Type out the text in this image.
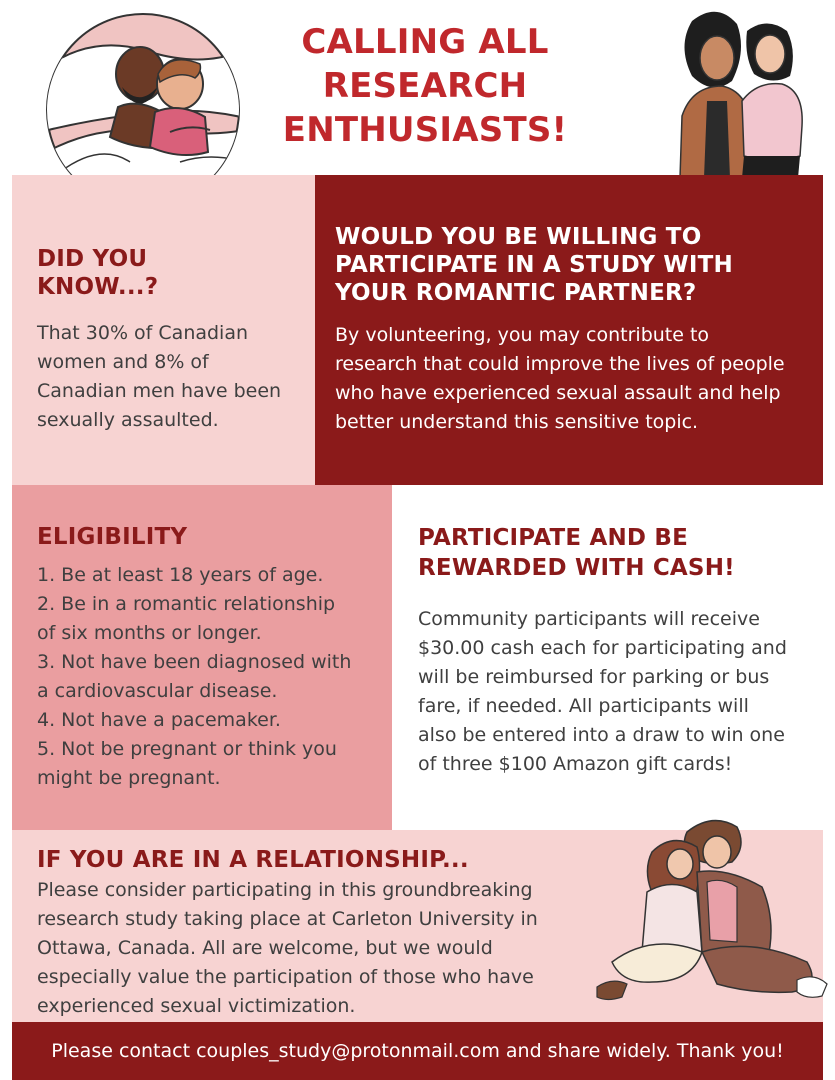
CALLING ALL
RESEARCH
ENTHUSIASTS!
DID YOU
KNOW...?

That 30% of Canadian
women and 8% of
Canadian men have been
sexually assaulted.

WOULD YOU BE WILLING TO
PARTICIPATE IN A STUDY WITH
YOUR ROMANTIC PARTNER?

By volunteering, you may contribute to
research that could improve the lives of people
who have experienced sexual assault and help
better understand this sensitive topic.

ELIGIBILITY

1. Be at least 18 years of age.
2. Be in a romantic relationship
of six months or longer.
3. Not have been diagnosed with
a cardiovascular disease.
4. Not have a pacemaker.
5. Not be pregnant or think you
might be pregnant.

PARTICIPATE AND BE
REWARDED WITH CASH!

Community participants will receive
$30.00 cash each for participating and
will be reimbursed for parking or bus
fare, if needed. All participants will
also be entered into a draw to win one
of three $100 Amazon gift cards!

IF YOU ARE IN A RELATIONSHIP...

Please consider participating in this groundbreaking
research study taking place at Carleton University in
Ottawa, Canada. All are welcome, but we would
especially value the participation of those who have
experienced sexual victimization.

Please contact couples_study@protonmail.com and share widely. Thank you!
